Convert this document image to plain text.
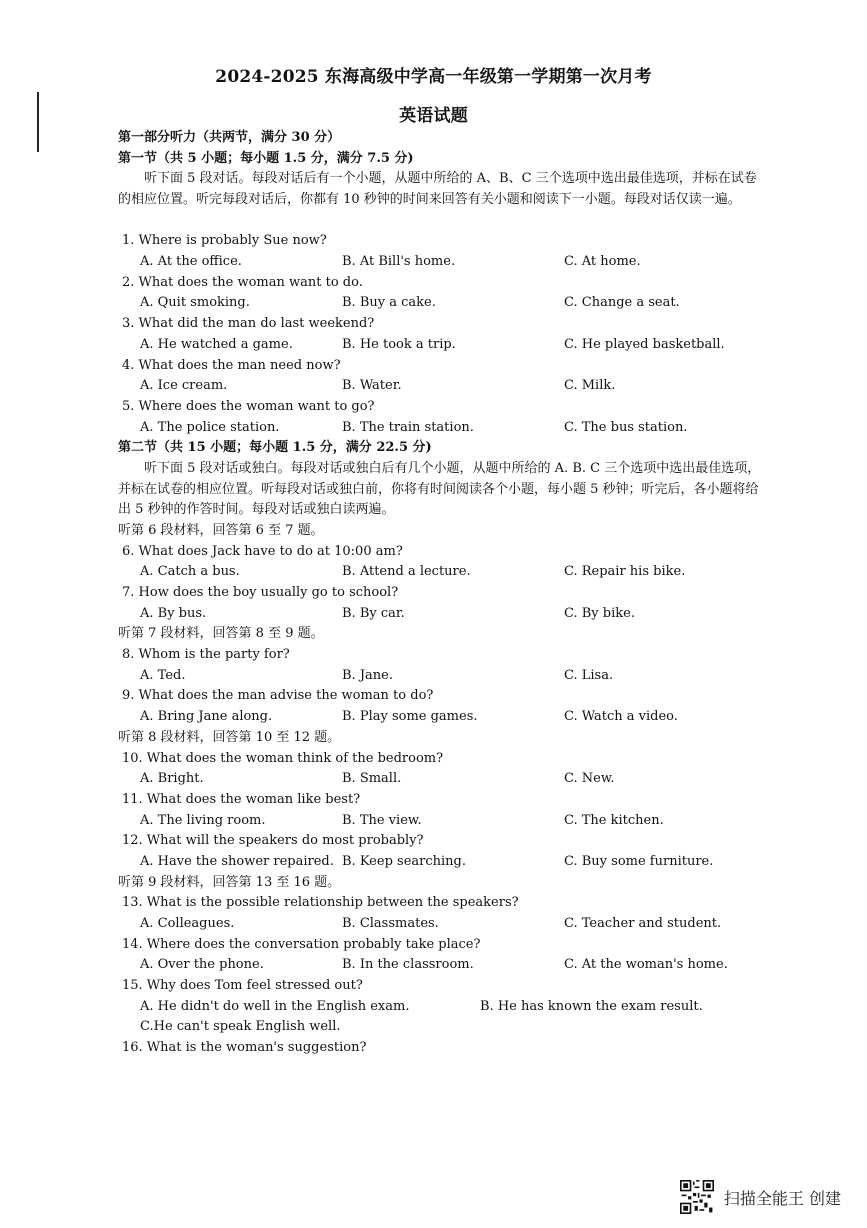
2024-2025 东海高级中学高一年级第一学期第一次月考
英语试题
第一部分听力（共两节，满分 30 分）
第一节（共 5 小题；每小题 1.5 分，满分 7.5 分)
听下面 5 段对话。每段对话后有一个小题，从题中所给的 A、B、C 三个选项中选出最佳选项，并标在试卷的相应位置。听完每段对话后，你都有 10 秒钟的时间来回答有关小题和阅读下一小题。每段对话仅读一遍。
1. Where is probably Sue now?
A. At the office.	B. At Bill's home.	C. At home.
2. What does the woman want to do.
A. Quit smoking.	B. Buy a cake.	C. Change a seat.
3. What did the man do last weekend?
A. He watched a game.	B. He took a trip.	C. He played basketball.
4. What does the man need now?
A. Ice cream.	B. Water.	C. Milk.
5. Where does the woman want to go?
A. The police station.	B. The train station.	C. The bus station.
第二节（共 15 小题；每小题 1.5 分，满分 22.5 分)
听下面 5 段对话或独白。每段对话或独白后有几个小题，从题中所给的 A. B. C 三个选项中选出最佳选项，并标在试卷的相应位置。听每段对话或独白前，你将有时间阅读各个小题，每小题 5 秒钟；听完后，各小题将给出 5 秒钟的作答时间。每段对话或独白读两遍。
听第 6 段材料，回答第 6 至 7 题。
6. What does Jack have to do at 10:00 am?
A. Catch a bus.	B. Attend a lecture.	C. Repair his bike.
7. How does the boy usually go to school?
A. By bus.	B. By car.	C. By bike.
听第 7 段材料，回答第 8 至 9 题。
8. Whom is the party for?
A. Ted.	B. Jane.	C. Lisa.
9. What does the man advise the woman to do?
A. Bring Jane along.	B. Play some games.	C. Watch a video.
听第 8 段材料，回答第 10 至 12 题。
10. What does the woman think of the bedroom?
A. Bright.	B. Small.	C. New.
11. What does the woman like best?
A. The living room.	B. The view.	C. The kitchen.
12. What will the speakers do most probably?
A. Have the shower repaired. B. Keep searching.	C. Buy some furniture.
听第 9 段材料，回答第 13 至 16 题。
13. What is the possible relationship between the speakers?
A. Colleagues.	B. Classmates.	C. Teacher and student.
14. Where does the conversation probably take place?
A. Over the phone.	B. In the classroom.	C. At the woman's home.
15. Why does Tom feel stressed out?
A. He didn't do well in the English exam.	B. He has known the exam result.
C.He can't speak English well.
16. What is the woman's suggestion?
扫描全能王 创建
